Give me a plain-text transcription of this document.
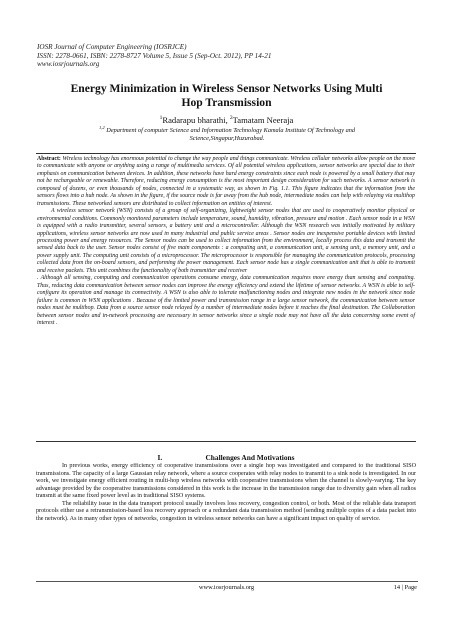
IOSR Journal of Computer Engineering (IOSRJCE)
ISSN: 2278-0661, ISBN: 2278-8727 Volume 5, Issue 5 (Sep-Oct. 2012), PP 14-21
www.iosrjournals.org
Energy Minimization in Wireless Sensor Networks Using Multi
Hop Transmission
$^1$Radarapu bharathi, $^2$Tamatam Neeraja
$^{1,2}$ Department of computer Science and Information Technology Kamala Institute Of Technology and
Science,Singapur,Huzurabad.

Abstract: Wireless technology has enormous potential to change the way people and things communicate. Wireless cellular networks allow people on the move to communicate with anyone or anything using a range of multimedia services. Of all potential wireless applications, sensor networks are special due to their emphasis on communication between devices. In addition, these networks have hard energy constraints since each node is powered by a small battery that may not be rechargeable or renewable. Therefore, reducing energy consumption is the most important design consideration for such networks. A sensor network is composed of dozens, or even thousands of nodes, connected in a systematic way, as shown in Fig. 1.1. This figure indicates that the information from the sensors flows into a hub node. As shown in the figure, if the source node is far away from the hub node, intermediate nodes can help with relaying via multihop transmissions. These networked sensors are distributed to collect information on entities of interest.

A wireless sensor network (WSN) consists of a group of self-organizing, lightweight sensor nodes that are used to cooperatively monitor physical or environmental conditions. Commonly monitored parameters include temperature, sound, humidity, vibration, pressure and motion . Each sensor node in a WSN is equipped with a radio transmitter, several sensors, a battery unit and a microcontroller. Although the WSN research was initially motivated by military applications, wireless sensor networks are now used in many industrial and public service areas . Sensor nodes are inexpensive portable devices with limited processing power and energy resources. The Sensor nodes can be used to collect information from the environment, locally process this data and transmit the sensed data back to the user. Sensor nodes consist of five main components : a computing unit, a communication unit, a sensing unit, a memory unit, and a power supply unit. The computing unit consists of a microprocessor. The microprocessor is responsible for managing the communication protocols, processing collected data from the on-board sensors, and performing the power management. Each sensor node has a single communication unit that is able to transmit and receive packets. This unit combines the functionality of both transmitter and receiver

. Although all sensing, computing and communication operations consume energy, data communication requires more energy than sensing and computing. Thus, reducing data communication between sensor nodes can improve the energy efficiency and extend the lifetime of sensor networks. A WSN is able to self-configure its operation and manage its connectivity. A WSN is also able to tolerate malfunctioning nodes and integrate new nodes in the network since node failure is common in WSN applications . Because of the limited power and transmission range in a large sensor network, the communication between sensor nodes must be multihop. Data from a source sensor node relayed by a number of intermediate nodes before it reaches the final destination. The Collaboration between sensor nodes and in-network processing are necessary in sensor networks since a single node may not have all the data concerning some event of interest .

I.	Challenges And Motivations

In previous works, energy efficiency of cooperative transmissions over a single hop was investigated and compared to the traditional SISO transmissions. The capacity of a large Gaussian relay network, where a source cooperates with relay nodes to transmit to a sink node is investigated. In our work, we investigate energy efficient routing in multi-hop wireless networks with cooperative transmissions when the channel is slowly-varying. The key advantage provided by the cooperative transmissions considered in this work is the increase in the transmission range due to diversity gain when all radios transmit at the same fixed power level as in traditional SISO systems.

The reliability issue in the data transport protocol usually involves loss recovery, congestion control, or both. Most of the reliable data transport protocols either use a retransmission-based loss recovery approach or a redundant data transmission method (sending multiple copies of a data packet into the network). As in many other types of networks, congestion in wireless sensor networks can have a significant impact on quality of service.

www.iosrjournals.org	14 | Page
